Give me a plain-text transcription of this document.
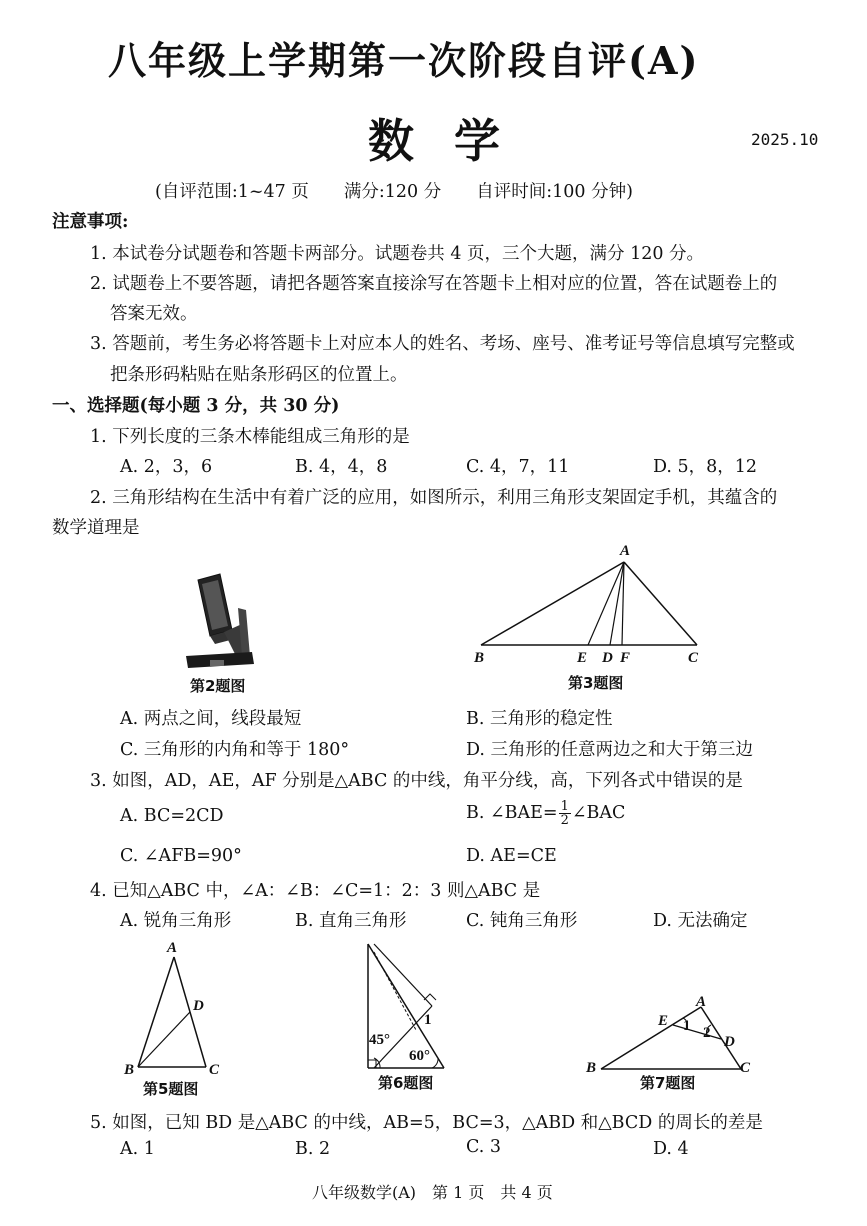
八年级上学期第一次阶段自评(A)
数学	2025.10
(自评范围:1~47 页　　满分:120 分　　自评时间:100 分钟)
注意事项:
1. 本试卷分试题卷和答题卡两部分。试题卷共 4 页，三个大题，满分 120 分。
2. 试题卷上不要答题，请把各题答案直接涂写在答题卡上相对应的位置，答在试题卷上的
答案无效。
3. 答题前，考生务必将答题卡上对应本人的姓名、考场、座号、准考证号等信息填写完整或
把条形码粘贴在贴条形码区的位置上。
一、选择题(每小题 3 分，共 30 分)
1. 下列长度的三条木棒能组成三角形的是
A. 2，3，6	B. 4，4，8	C. 4，7，11	D. 5，8，12
2. 三角形结构在生活中有着广泛的应用，如图所示，利用三角形支架固定手机，其蕴含的
数学道理是
第2题图
A
B	E D F	C
第3题图
A. 两点之间，线段最短	B. 三角形的稳定性
C. 三角形的内角和等于 180°	D. 三角形的任意两边之和大于第三边
3. 如图，AD，AE，AF 分别是△ABC 的中线，角平分线，高，下列各式中错误的是
A. BC=2CD	B. ∠BAE= $\frac{1}{2}$ ∠BAC
C. ∠AFB=90°	D. AE=CE
4. 已知△ABC 中，∠A：∠B：∠C=1：2：3 则△ABC 是
A. 锐角三角形	B. 直角三角形	C. 钝角三角形	D. 无法确定
A
D
B	C
第5题图
45°
60°
1
第6题图
A
E 1 2
D
B	C
第7题图
5. 如图，已知 BD 是△ABC 的中线，AB=5，BC=3，△ABD 和△BCD 的周长的差是
A. 1	B. 2	C. 3	D. 4
八年级数学(A)　第 1 页　共 4 页
